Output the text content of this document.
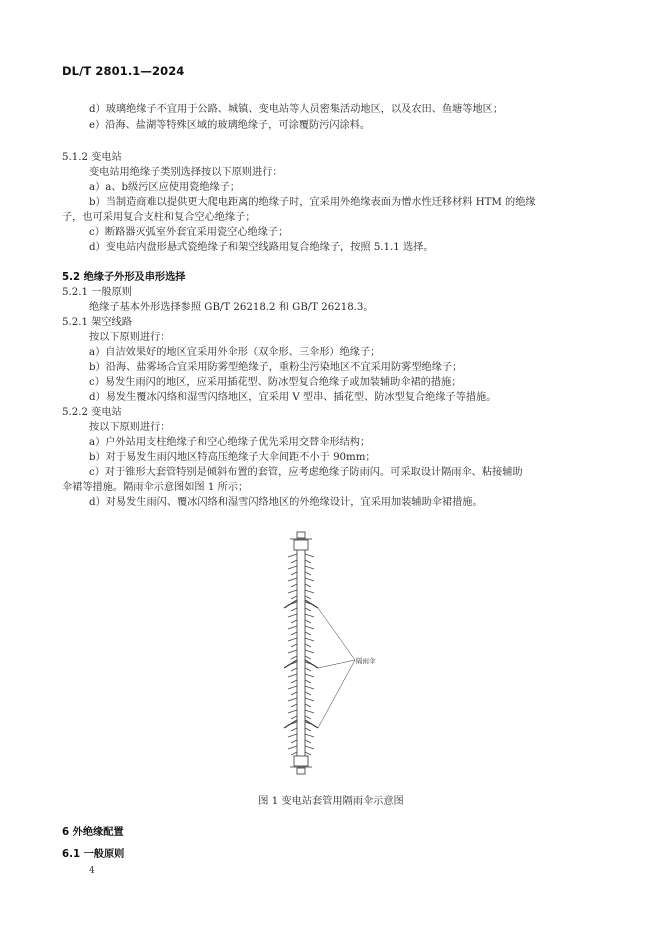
DL/T 2801.1—2024
d）玻璃绝缘子不宜用于公路、城镇、变电站等人员密集活动地区，以及农田、鱼塘等地区；
e）沿海、盐湖等特殊区域的玻璃绝缘子，可涂覆防污闪涂料。
5.1.2 变电站
变电站用绝缘子类别选择按以下原则进行：
a）a、b级污区应使用瓷绝缘子；
b）当制造商难以提供更大爬电距离的绝缘子时，宜采用外绝缘表面为憎水性迁移材料 HTM 的绝缘
子，也可采用复合支柱和复合空心绝缘子；
c）断路器灭弧室外套宜采用瓷空心绝缘子；
d）变电站内盘形悬式瓷绝缘子和架空线路用复合绝缘子，按照 5.1.1 选择。
5.2 绝缘子外形及串形选择
5.2.1 一般原则
绝缘子基本外形选择参照 GB/T 26218.2 和 GB/T 26218.3。
5.2.1 架空线路
按以下原则进行：
a）自洁效果好的地区宜采用外伞形（双伞形、三伞形）绝缘子；
b）沿海、盐雾场合宜采用防雾型绝缘子，重粉尘污染地区不宜采用防雾型绝缘子；
c）易发生雨闪的地区，应采用插花型、防冰型复合绝缘子或加装辅助伞裙的措施；
d）易发生覆冰闪络和湿雪闪络地区，宜采用 V 型串、插花型、防冰型复合绝缘子等措施。
5.2.2 变电站
按以下原则进行：
a）户外站用支柱绝缘子和空心绝缘子优先采用交替伞形结构；
b）对于易发生雨闪地区特高压绝缘子大伞间距不小于 90mm；
c）对于锥形大套管特别是倾斜布置的套管，应考虑绝缘子防雨闪。可采取设计隔雨伞、粘接辅助
伞裙等措施。隔雨伞示意图如图 1 所示；
d）对易发生雨闪、覆冰闪络和湿雪闪络地区的外绝缘设计，宜采用加装辅助伞裙措施。
隔雨伞
图 1 变电站套管用隔雨伞示意图
6 外绝缘配置
6.1 一般原则
4
